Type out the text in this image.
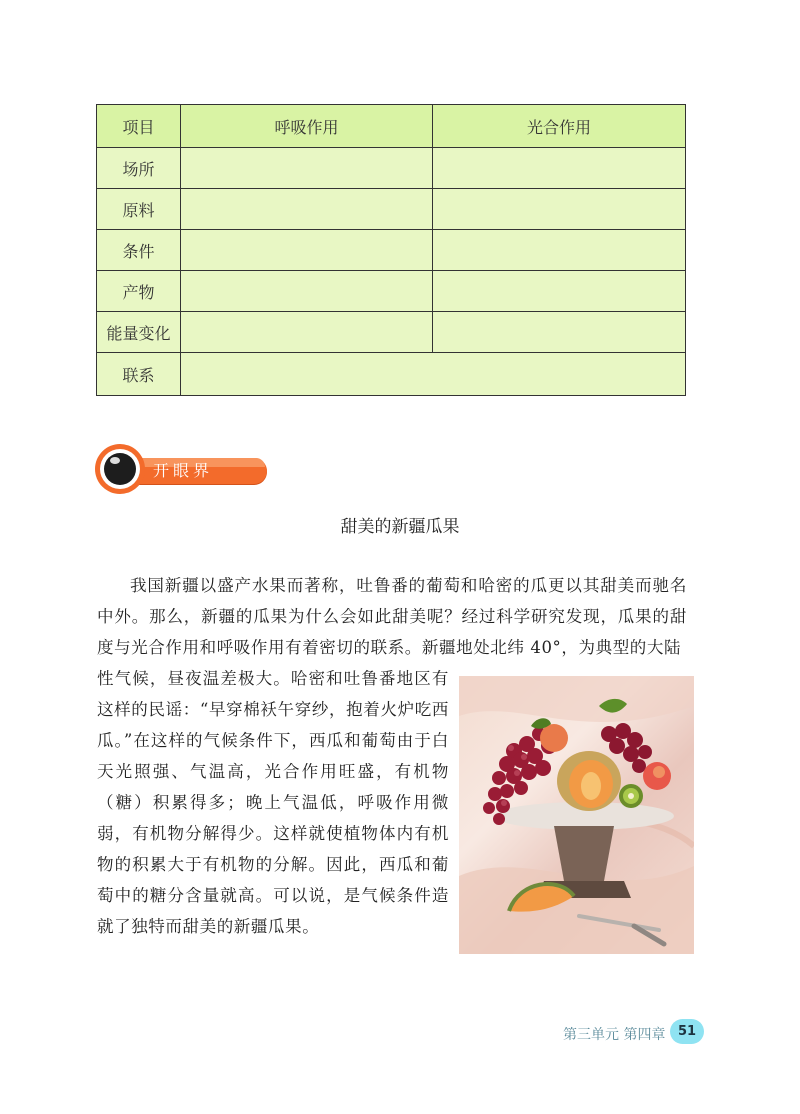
项目	呼吸作用	光合作用
场所		
原料		
条件		
产物		
能量变化		
联系		
开眼界
甜美的新疆瓜果

我国新疆以盛产水果而著称，吐鲁番的葡萄和哈密的瓜更以其甜美而驰名中外。那么，新疆的瓜果为什么会如此甜美呢？经过科学研究发现，瓜果的甜度与光合作用和呼吸作用有着密切的联系。新疆地处北纬 40°，为典型的大陆

性气候，昼夜温差极大。哈密和吐鲁番地区有这样的民谣：“早穿棉袄午穿纱，抱着火炉吃西瓜。”在这样的气候条件下，西瓜和葡萄由于白天光照强、气温高，光合作用旺盛，有机物（糖）积累得多；晚上气温低，呼吸作用微弱，有机物分解得少。这样就使植物体内有机物的积累大于有机物的分解。因此，西瓜和葡萄中的糖分含量就高。可以说，是气候条件造就了独特而甜美的新疆瓜果。

第三单元 第四章 51
